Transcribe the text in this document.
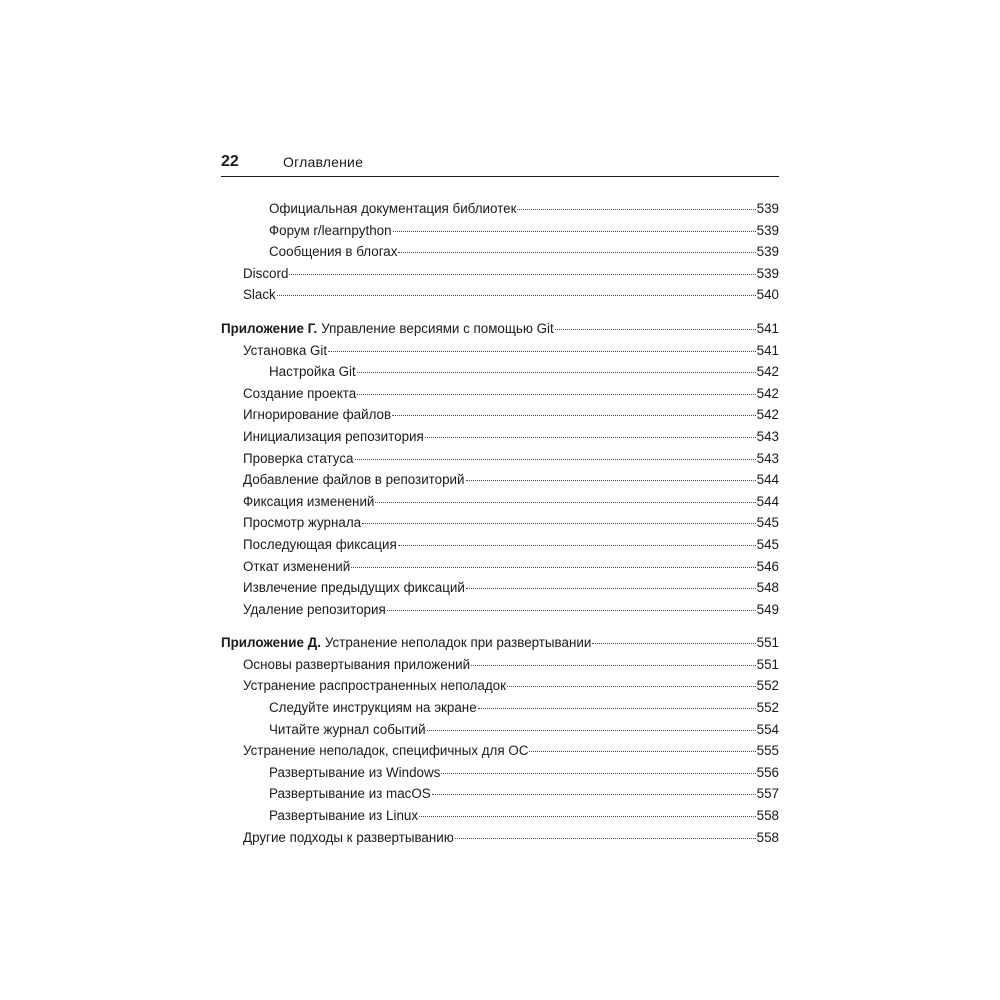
22	Оглавление
Официальная документация библиотек	539
Форум r/learnpython	539
Сообщения в блогах	539
Discord	539
Slack	540
Приложение Г. Управление версиями с помощью Git	541
Установка Git	541
Настройка Git	542
Создание проекта	542
Игнорирование файлов	542
Инициализация репозитория	543
Проверка статуса	543
Добавление файлов в репозиторий	544
Фиксация изменений	544
Просмотр журнала	545
Последующая фиксация	545
Откат изменений	546
Извлечение предыдущих фиксаций	548
Удаление репозитория	549
Приложение Д. Устранение неполадок при развертывании	551
Основы развертывания приложений	551
Устранение распространенных неполадок	552
Следуйте инструкциям на экране	552
Читайте журнал событий	554
Устранение неполадок, специфичных для ОС	555
Развертывание из Windows	556
Развертывание из macOS	557
Развертывание из Linux	558
Другие подходы к развертыванию	558
